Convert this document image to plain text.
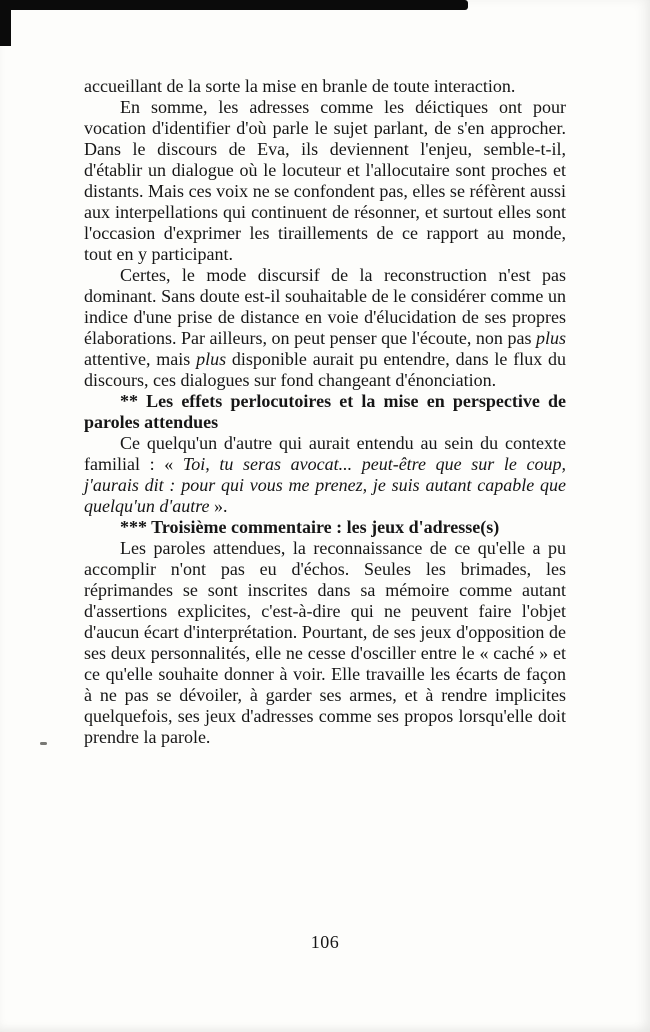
accueillant de la sorte la mise en branle de toute interaction.

En somme, les adresses comme les déictiques ont pour vocation d'identifier d'où parle le sujet parlant, de s'en approcher. Dans le discours de Eva, ils deviennent l'enjeu, semble-t-il, d'établir un dialogue où le locuteur et l'allocutaire sont proches et distants. Mais ces voix ne se confondent pas, elles se réfèrent aussi aux interpellations qui continuent de résonner, et surtout elles sont l'occasion d'exprimer les tiraillements de ce rapport au monde, tout en y participant.

Certes, le mode discursif de la reconstruction n'est pas dominant. Sans doute est-il souhaitable de le considérer comme un indice d'une prise de distance en voie d'élucidation de ses propres élaborations. Par ailleurs, on peut penser que l'écoute, non pas plus attentive, mais plus disponible aurait pu entendre, dans le flux du discours, ces dialogues sur fond changeant d'énonciation.

** Les effets perlocutoires et la mise en perspective de paroles attendues

Ce quelqu'un d'autre qui aurait entendu au sein du contexte familial : « Toi, tu seras avocat... peut-être que sur le coup, j'aurais dit : pour qui vous me prenez, je suis autant capable que quelqu'un d'autre ».

*** Troisième commentaire : les jeux d'adresse(s)

Les paroles attendues, la reconnaissance de ce qu'elle a pu accomplir n'ont pas eu d'échos. Seules les brimades, les réprimandes se sont inscrites dans sa mémoire comme autant d'assertions explicites, c'est-à-dire qui ne peuvent faire l'objet d'aucun écart d'interprétation. Pourtant, de ses jeux d'opposition de ses deux personnalités, elle ne cesse d'osciller entre le « caché » et ce qu'elle souhaite donner à voir. Elle travaille les écarts de façon à ne pas se dévoiler, à garder ses armes, et à rendre implicites quelquefois, ses jeux d'adresses comme ses propos lorsqu'elle doit prendre la parole.

106
